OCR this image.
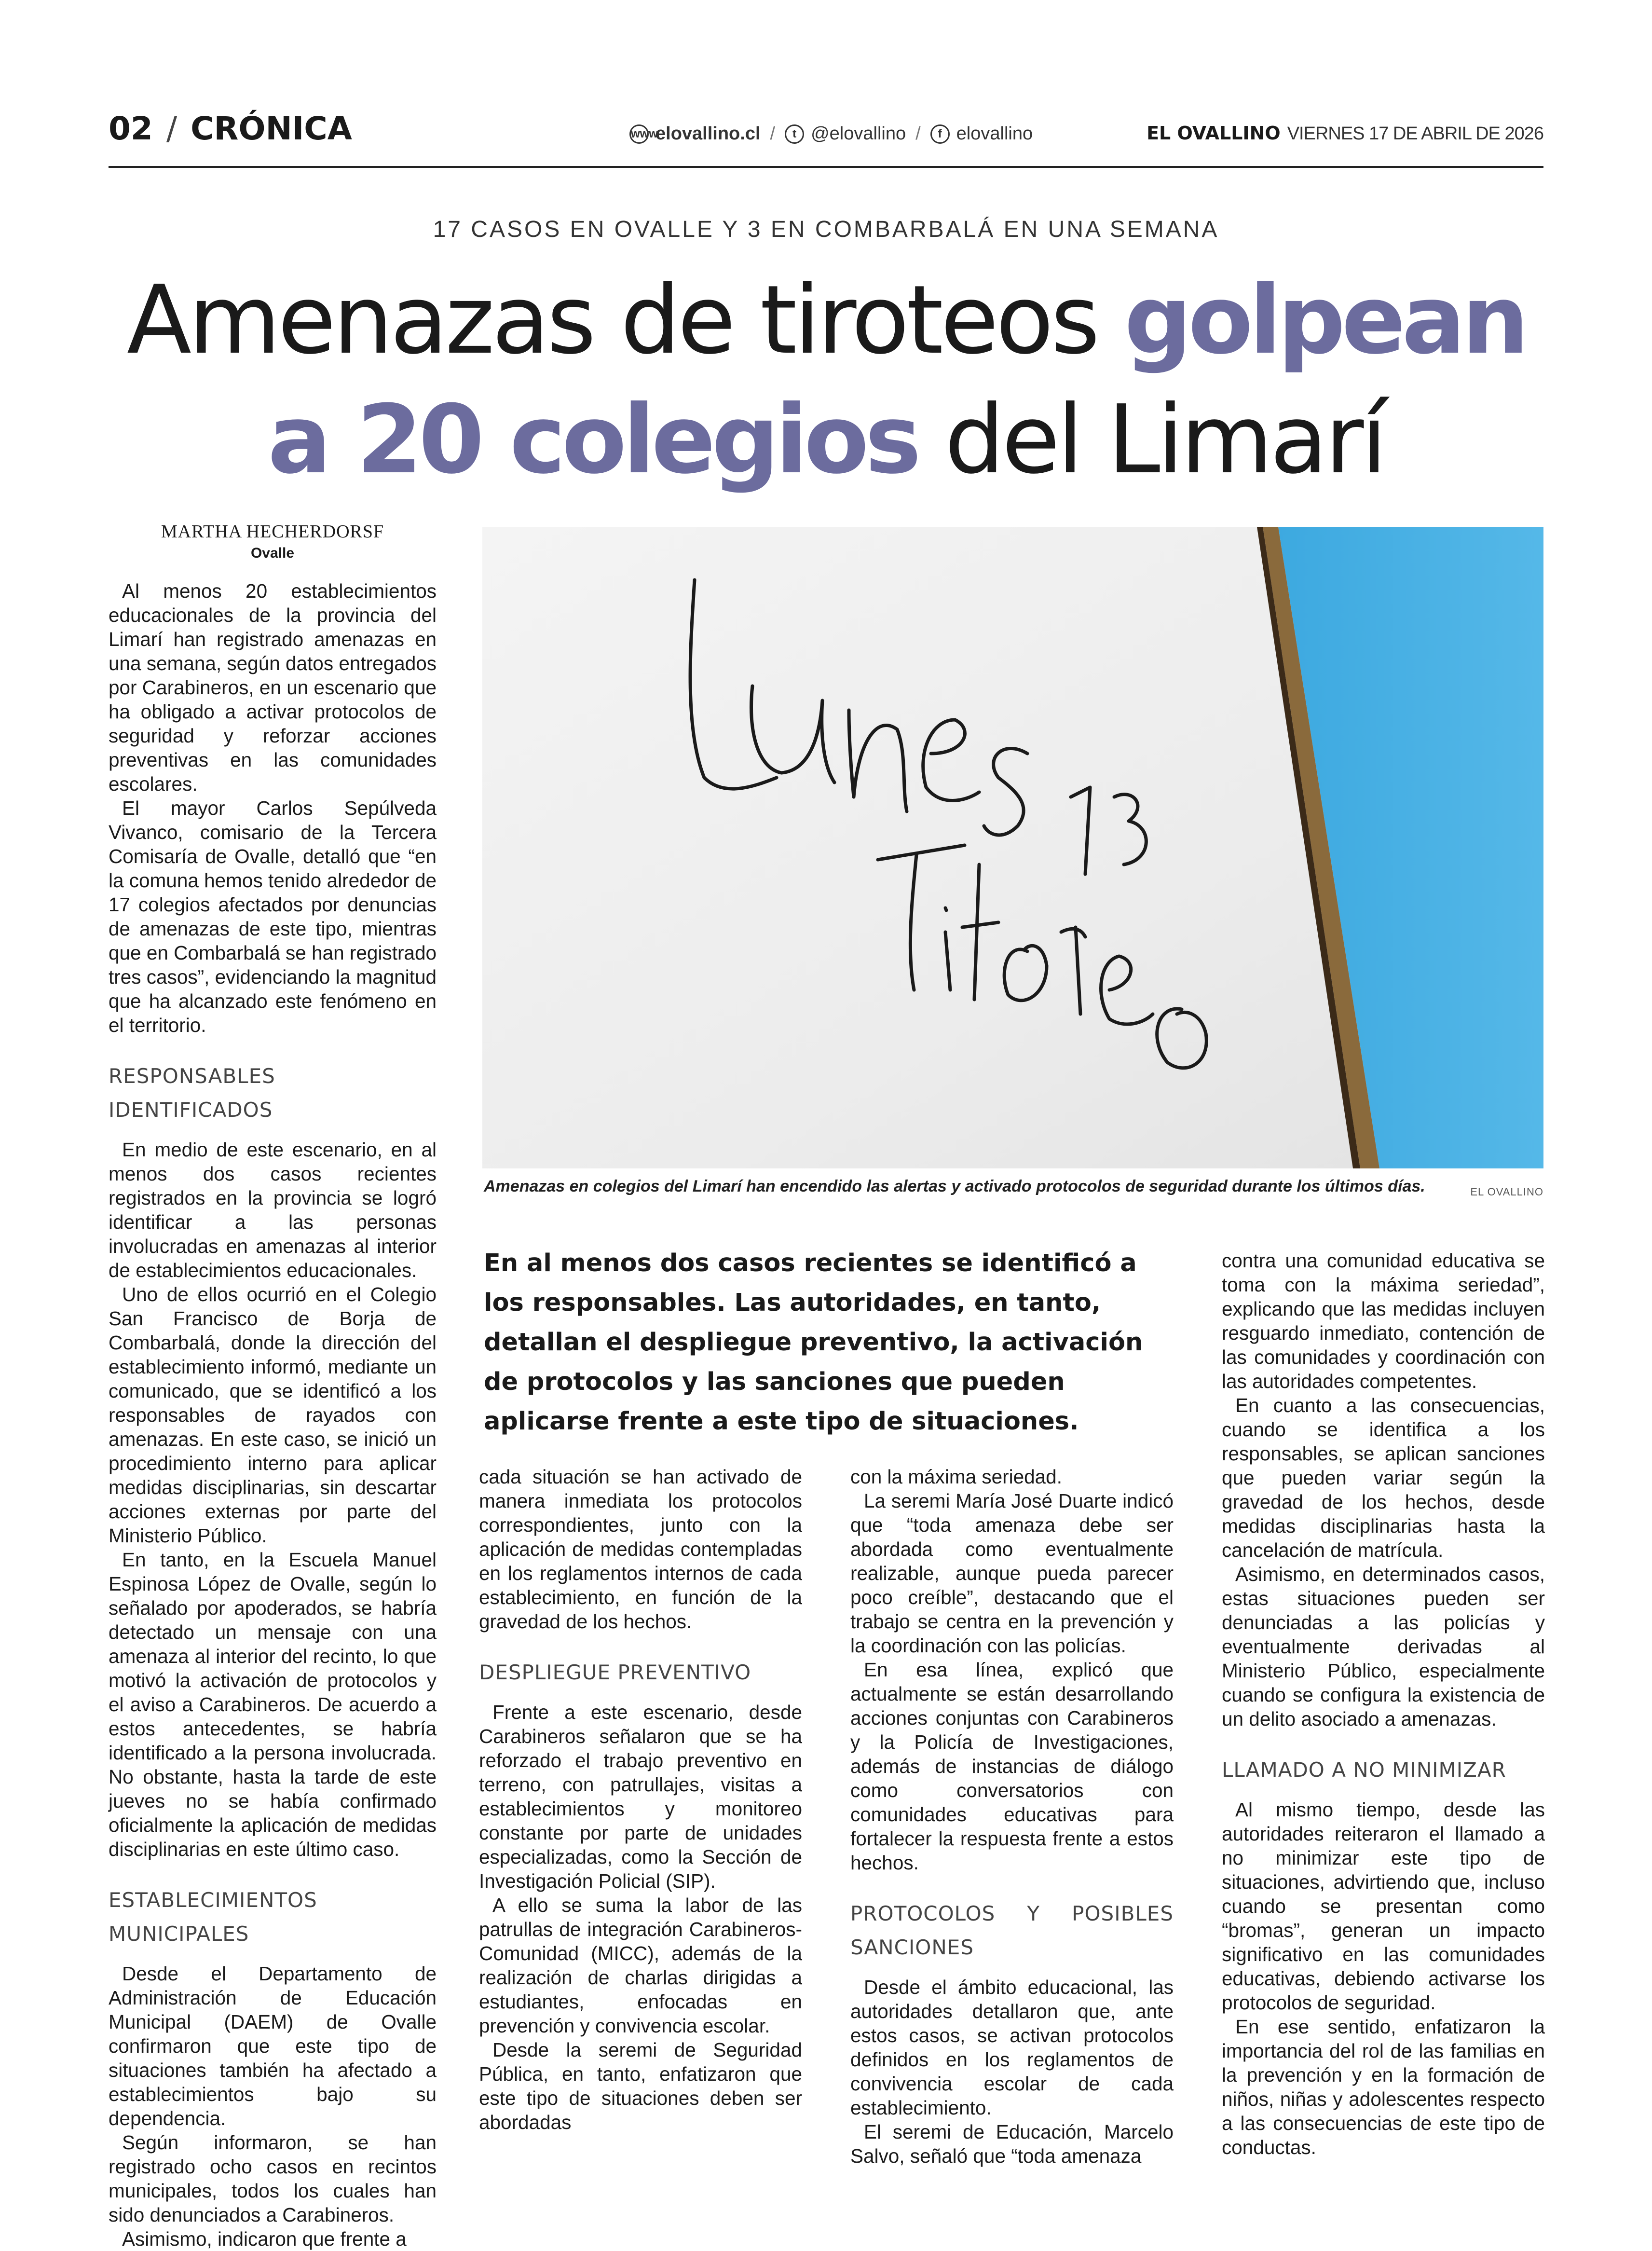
02 / CRÓNICA	www
elovallino.cl /	t @elovallino /	f elovallino	EL OVALLINO VIERNES 17 DE ABRIL DE 2026
17 CASOS EN OVALLE Y 3 EN COMBARBALÁ EN UNA SEMANA
Amenazas de tiroteos golpean
a 20 colegios del Limarí
MARTHA HECHERDORSF
Ovalle

Al menos 20 establecimientos educacionales de la provincia del Limarí han registrado amenazas en una semana, según datos entregados por Carabineros, en un escenario que ha obligado a activar protocolos de seguridad y reforzar acciones preventivas en las comunidades escolares.

El mayor Carlos Sepúlveda Vivanco, comisario de la Tercera Comisaría de Ovalle, detalló que “en la comuna hemos tenido alrededor de 17 colegios afectados por denuncias de amenazas de este tipo, mientras que en Combarbalá se han registrado tres casos”, evidenciando la magnitud que ha alcanzado este fenómeno en el territorio.

RESPONSABLES IDENTIFICADOS

En medio de este escenario, en al menos dos casos recientes registrados en la provincia se logró identificar a las personas involucradas en amenazas al interior de establecimientos educacionales.

Uno de ellos ocurrió en el Colegio San Francisco de Borja de Combarbalá, donde la dirección del establecimiento informó, mediante un comunicado, que se identificó a los responsables de rayados con amenazas. En este caso, se inició un procedimiento interno para aplicar medidas disciplinarias, sin descartar acciones externas por parte del Ministerio Público.

En tanto, en la Escuela Manuel Espinosa López de Ovalle, según lo señalado por apoderados, se habría detectado un mensaje con una amenaza al interior del recinto, lo que motivó la activación de protocolos y el aviso a Carabineros. De acuerdo a estos antecedentes, se habría identificado a la persona involucrada. No obstante, hasta la tarde de este jueves no se había confirmado oficialmente la aplicación de medidas disciplinarias en este último caso.

ESTABLECIMIENTOS MUNICIPALES

Desde el Departamento de Administración de Educación Municipal (DAEM) de Ovalle confirmaron que este tipo de situaciones también ha afectado a establecimientos bajo su dependencia.

Según informaron, se han registrado ocho casos en recintos municipales, todos los cuales han sido denunciados a Carabineros.

Asimismo, indicaron que frente a

Amenazas en colegios del Limarí han encendido las alertas y activado protocolos de seguridad durante los últimos días.	EL OVALLINO
En al menos dos casos recientes se identificó a los responsables. Las autoridades, en tanto, detallan el despliegue preventivo, la activación de protocolos y las sanciones que pueden aplicarse frente a este tipo de situaciones.

cada situación se han activado de manera inmediata los protocolos correspondientes, junto con la aplicación de medidas contempladas en los reglamentos internos de cada establecimiento, en función de la gravedad de los hechos.

DESPLIEGUE PREVENTIVO

Frente a este escenario, desde Carabineros señalaron que se ha reforzado el trabajo preventivo en terreno, con patrullajes, visitas a establecimientos y monitoreo constante por parte de unidades especializadas, como la Sección de Investigación Policial (SIP).

A ello se suma la labor de las patrullas de integración Carabineros-Comunidad (MICC), además de la realización de charlas dirigidas a estudiantes, enfocadas en prevención y convivencia escolar.

Desde la seremi de Seguridad Pública, en tanto, enfatizaron que este tipo de situaciones deben ser abordadas

con la máxima seriedad.

La seremi María José Duarte indicó que “toda amenaza debe ser abordada como eventualmente realizable, aunque pueda parecer poco creíble”, destacando que el trabajo se centra en la prevención y la coordinación con las policías.

En esa línea, explicó que actualmente se están desarrollando acciones conjuntas con Carabineros y la Policía de Investigaciones, además de instancias de diálogo como conversatorios con comunidades educativas para fortalecer la respuesta frente a estos hechos.

PROTOCOLOS Y POSIBLES SANCIONES

Desde el ámbito educacional, las autoridades detallaron que, ante estos casos, se activan protocolos definidos en los reglamentos de convivencia escolar de cada establecimiento.

El seremi de Educación, Marcelo Salvo, señaló que “toda amenaza

contra una comunidad educativa se toma con la máxima seriedad”, explicando que las medidas incluyen resguardo inmediato, contención de las comunidades y coordinación con las autoridades competentes.

En cuanto a las consecuencias, cuando se identifica a los responsables, se aplican sanciones que pueden variar según la gravedad de los hechos, desde medidas disciplinarias hasta la cancelación de matrícula.

Asimismo, en determinados casos, estas situaciones pueden ser denunciadas a las policías y eventualmente derivadas al Ministerio Público, especialmente cuando se configura la existencia de un delito asociado a amenazas.

LLAMADO A NO MINIMIZAR

Al mismo tiempo, desde las autoridades reiteraron el llamado a no minimizar este tipo de situaciones, advirtiendo que, incluso cuando se presentan como “bromas”, generan un impacto significativo en las comunidades educativas, debiendo activarse los protocolos de seguridad.

En ese sentido, enfatizaron la importancia del rol de las familias en la prevención y en la formación de niños, niñas y adolescentes respecto a las consecuencias de este tipo de conductas.
